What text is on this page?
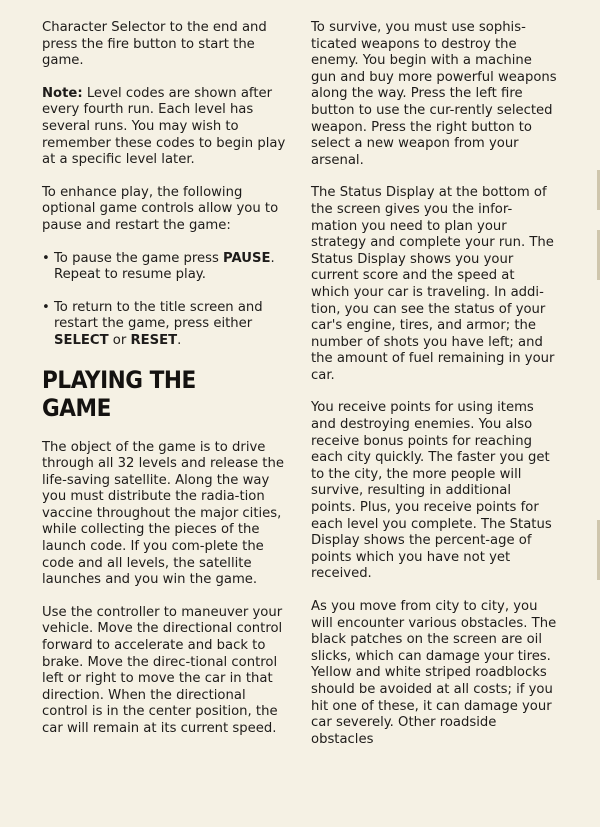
Character Selector to the end and press the fire button to start the game.

Note: Level codes are shown after every fourth run. Each level has several runs. You may wish to remember these codes to begin play at a specific level later.

To enhance play, the following optional game controls allow you to pause and restart the game:

• To pause the game press PAUSE. Repeat to resume play.
• To return to the title screen and restart the game, press either SELECT or RESET.
PLAYING THE GAME

The object of the game is to drive through all 32 levels and release the life-saving satellite. Along the way you must distribute the radia-tion vaccine throughout the major cities, while collecting the pieces of the launch code. If you com-plete the code and all levels, the satellite launches and you win the game.

Use the controller to maneuver your vehicle. Move the directional control forward to accelerate and back to brake. Move the direc-tional control left or right to move the car in that direction. When the directional control is in the center position, the car will remain at its current speed.

To survive, you must use sophis-ticated weapons to destroy the enemy. You begin with a machine gun and buy more powerful weapons along the way. Press the left fire button to use the cur-rently selected weapon. Press the right button to select a new weapon from your arsenal.

The Status Display at the bottom of the screen gives you the infor-mation you need to plan your strategy and complete your run. The Status Display shows you your current score and the speed at which your car is traveling. In addi-tion, you can see the status of your car's engine, tires, and armor; the number of shots you have left; and the amount of fuel remaining in your car.

You receive points for using items and destroying enemies. You also receive bonus points for reaching each city quickly. The faster you get to the city, the more people will survive, resulting in additional points. Plus, you receive points for each level you complete. The Status Display shows the percent-age of points which you have not yet received.

As you move from city to city, you will encounter various obstacles. The black patches on the screen are oil slicks, which can damage your tires. Yellow and white striped roadblocks should be avoided at all costs; if you hit one of these, it can damage your car severely. Other roadside obstacles
